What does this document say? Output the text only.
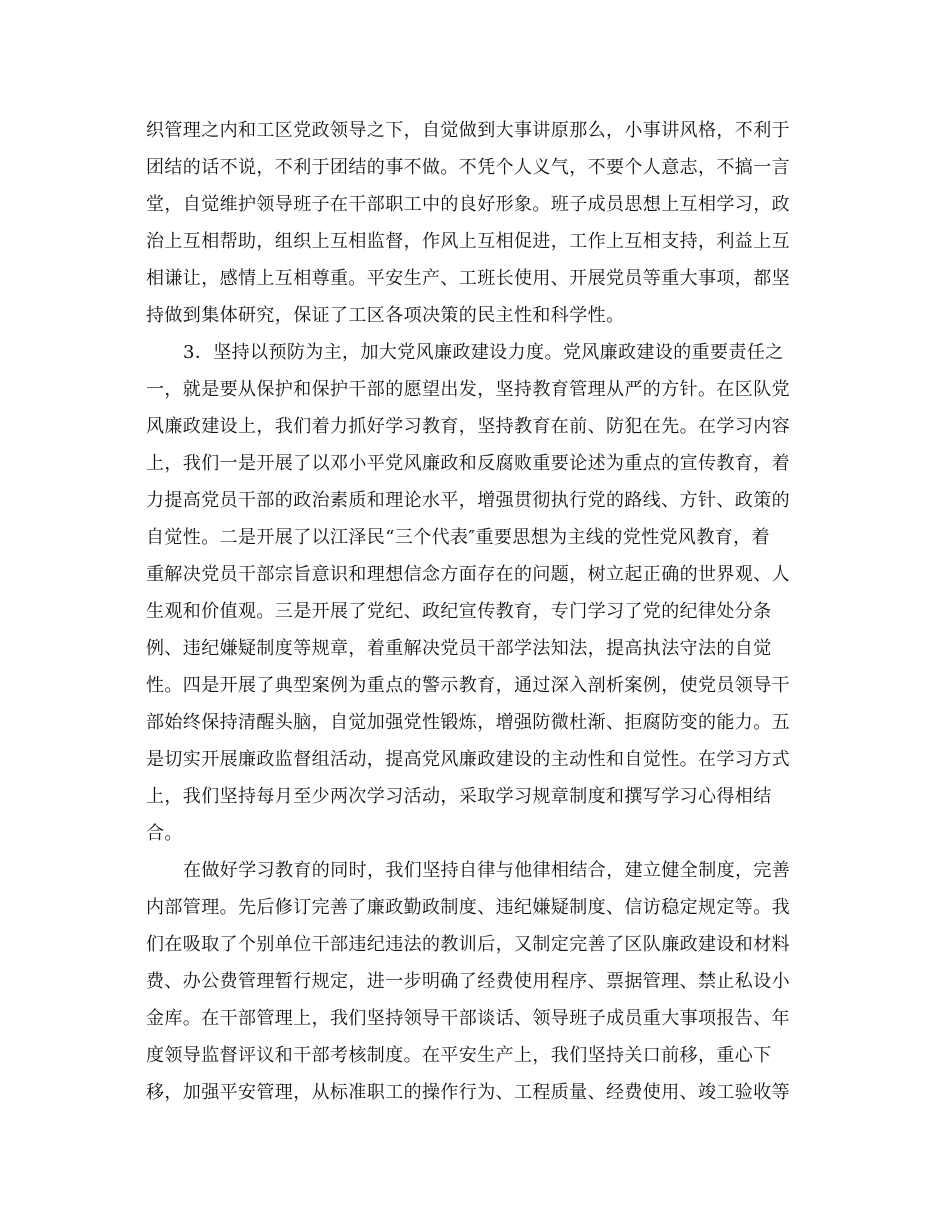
织管理之内和工区党政领导之下，自觉做到大事讲原那么，小事讲风格，不利于
团结的话不说，不利于团结的事不做。不凭个人义气，不要个人意志，不搞一言
堂，自觉维护领导班子在干部职工中的良好形象。班子成员思想上互相学习，政
治上互相帮助，组织上互相监督，作风上互相促进，工作上互相支持，利益上互
相谦让，感情上互相尊重。平安生产、工班长使用、开展党员等重大事项，都坚
持做到集体研究，保证了工区各项决策的民主性和科学性。
3．坚持以预防为主，加大党风廉政建设力度。党风廉政建设的重要责任之
一，就是要从保护和保护干部的愿望出发，坚持教育管理从严的方针。在区队党
风廉政建设上，我们着力抓好学习教育，坚持教育在前、防犯在先。在学习内容
上，我们一是开展了以邓小平党风廉政和反腐败重要论述为重点的宣传教育，着
力提高党员干部的政治素质和理论水平，增强贯彻执行党的路线、方针、政策的
自觉性。二是开展了以江泽民“三个代表″重要思想为主线的党性党风教育，着
重解决党员干部宗旨意识和理想信念方面存在的问题，树立起正确的世界观、人
生观和价值观。三是开展了党纪、政纪宣传教育，专门学习了党的纪律处分条
例、违纪嫌疑制度等规章，着重解决党员干部学法知法，提高执法守法的自觉
性。四是开展了典型案例为重点的警示教育，通过深入剖析案例，使党员领导干
部始终保持清醒头脑，自觉加强党性锻炼，增强防微杜渐、拒腐防变的能力。五
是切实开展廉政监督组活动，提高党风廉政建设的主动性和自觉性。在学习方式
上，我们坚持每月至少两次学习活动，采取学习规章制度和撰写学习心得相结
合。
在做好学习教育的同时，我们坚持自律与他律相结合，建立健全制度，完善
内部管理。先后修订完善了廉政勤政制度、违纪嫌疑制度、信访稳定规定等。我
们在吸取了个别单位干部违纪违法的教训后，又制定完善了区队廉政建设和材料
费、办公费管理暂行规定，进一步明确了经费使用程序、票据管理、禁止私设小
金库。在干部管理上，我们坚持领导干部谈话、领导班子成员重大事项报告、年
度领导监督评议和干部考核制度。在平安生产上，我们坚持关口前移，重心下
移，加强平安管理，从标准职工的操作行为、工程质量、经费使用、竣工验收等
